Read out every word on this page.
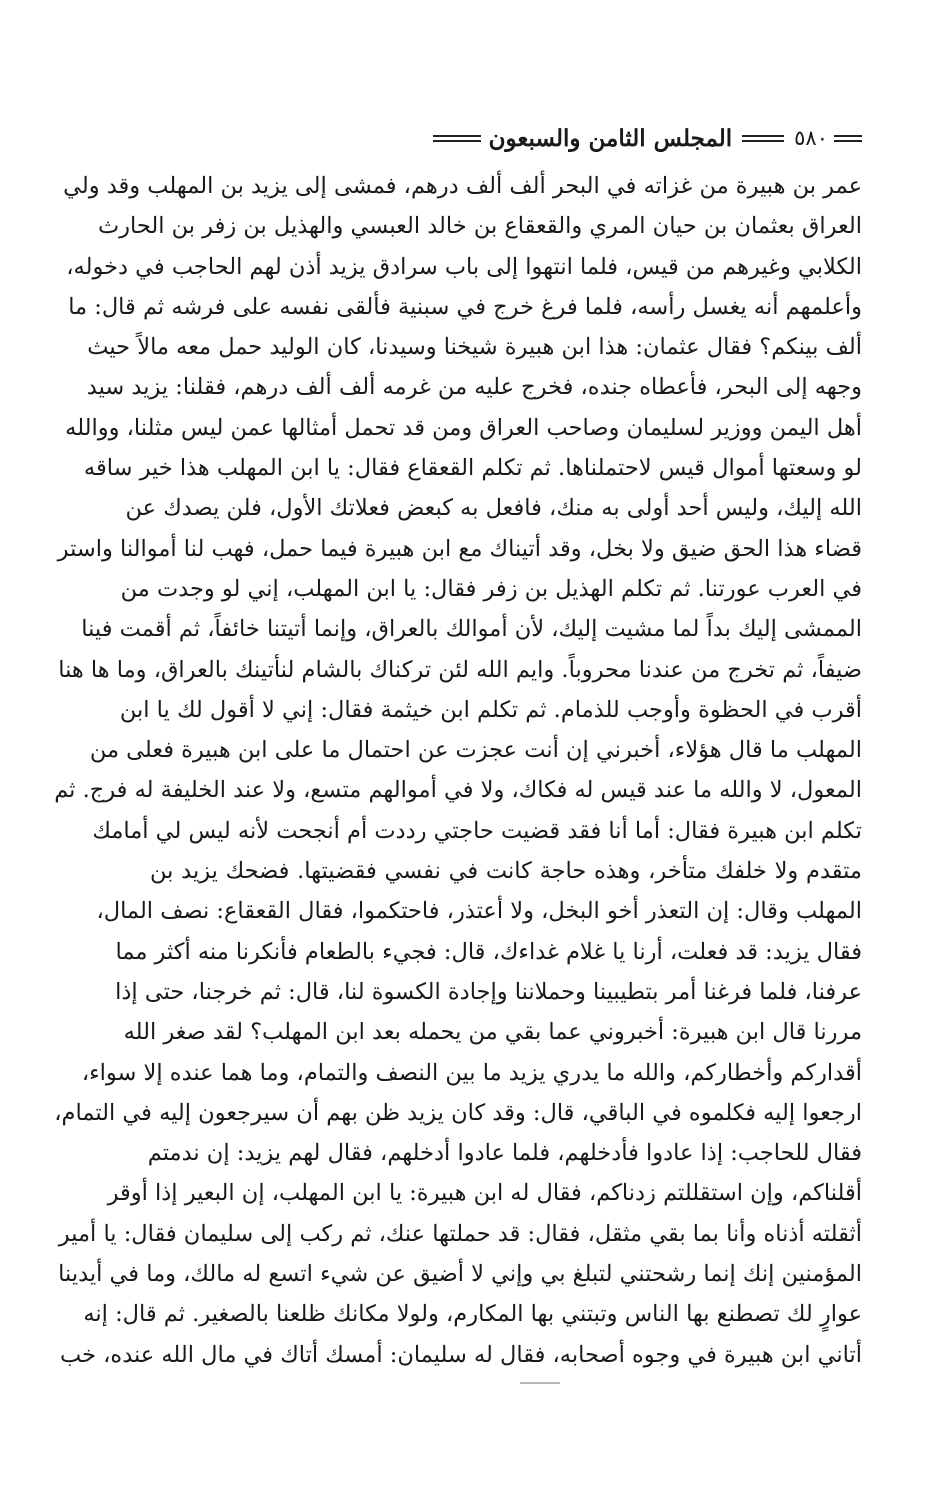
٥٨٠
المجلس الثامن والسبعون
عمر بن هبيرة من غزاته في البحر ألف ألف درهم، فمشى إلى يزيد بن المهلب وقد ولي
العراق بعثمان بن حيان المري والقعقاع بن خالد العبسي والهذيل بن زفر بن الحارث
الكلابي وغيرهم من قيس، فلما انتهوا إلى باب سرادق يزيد أذن لهم الحاجب في دخوله،
وأعلمهم أنه يغسل رأسه، فلما فرغ خرج في سبنية فألقى نفسه على فرشه ثم قال: ما
ألف بينكم؟ فقال عثمان: هذا ابن هبيرة شيخنا وسيدنا، كان الوليد حمل معه مالاً حيث
وجهه إلى البحر، فأعطاه جنده، فخرج عليه من غرمه ألف ألف درهم، فقلنا: يزيد سيد
أهل اليمن ووزير لسليمان وصاحب العراق ومن قد تحمل أمثالها عمن ليس مثلنا، ووالله
لو وسعتها أموال قيس لاحتملناها. ثم تكلم القعقاع فقال: يا ابن المهلب هذا خير ساقه
الله إليك، وليس أحد أولى به منك، فافعل به كبعض فعلاتك الأول، فلن يصدك عن
قضاء هذا الحق ضيق ولا بخل، وقد أتيناك مع ابن هبيرة فيما حمل، فهب لنا أموالنا واستر
في العرب عورتنا. ثم تكلم الهذيل بن زفر فقال: يا ابن المهلب، إني لو وجدت من
الممشى إليك بداً لما مشيت إليك، لأن أموالك بالعراق، وإنما أتيتنا خائفاً، ثم أقمت فينا
ضيفاً، ثم تخرج من عندنا محروباً. وايم الله لئن تركناك بالشام لنأتينك بالعراق، وما ها هنا
أقرب في الحظوة وأوجب للذمام. ثم تكلم ابن خيثمة فقال: إني لا أقول لك يا ابن
المهلب ما قال هؤلاء، أخبرني إن أنت عجزت عن احتمال ما على ابن هبيرة فعلى من
المعول، لا والله ما عند قيس له فكاك، ولا في أموالهم متسع، ولا عند الخليفة له فرج. ثم
تكلم ابن هبيرة فقال: أما أنا فقد قضيت حاجتي رددت أم أنجحت لأنه ليس لي أمامك
متقدم ولا خلفك متأخر، وهذه حاجة كانت في نفسي فقضيتها. فضحك يزيد بن
المهلب وقال: إن التعذر أخو البخل، ولا أعتذر، فاحتكموا، فقال القعقاع: نصف المال،
فقال يزيد: قد فعلت، أرنا يا غلام غداءك، قال: فجيء بالطعام فأنكرنا منه أكثر مما
عرفنا، فلما فرغنا أمر بتطيبينا وحملاننا وإجادة الكسوة لنا، قال: ثم خرجنا، حتى إذا
مررنا قال ابن هبيرة: أخبروني عما بقي من يحمله بعد ابن المهلب؟ لقد صغر الله
أقداركم وأخطاركم، والله ما يدري يزيد ما بين النصف والتمام، وما هما عنده إلا سواء،
ارجعوا إليه فكلموه في الباقي، قال: وقد كان يزيد ظن بهم أن سيرجعون إليه في التمام،
فقال للحاجب: إذا عادوا فأدخلهم، فلما عادوا أدخلهم، فقال لهم يزيد: إن ندمتم
أقلناكم، وإن استقللتم زدناكم، فقال له ابن هبيرة: يا ابن المهلب، إن البعير إذا أوقر
أثقلته أذناه وأنا بما بقي مثقل، فقال: قد حملتها عنك، ثم ركب إلى سليمان فقال: يا أمير
المؤمنين إنك إنما رشحتني لتبلغ بي وإني لا أضيق عن شيء اتسع له مالك، وما في أيدينا
عوارٍ لك تصطنع بها الناس وتبتني بها المكارم، ولولا مكانك ظلعنا بالصغير. ثم قال: إنه
أتاني ابن هبيرة في وجوه أصحابه، فقال له سليمان: أمسك أتاك في مال الله عنده، خب
